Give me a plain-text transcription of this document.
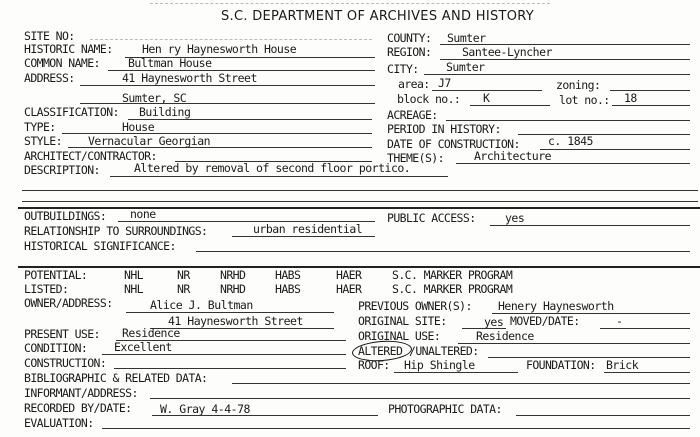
S.C. DEPARTMENT OF ARCHIVES AND HISTORY
SITE NO:
HISTORIC NAME:	Hen ry Haynesworth House
COMMON NAME: Bultman House
ADDRESS:	41 Haynesworth Street
Sumter, SC
CLASSIFICATION: Building
TYPE:	House
STYLE: Vernacular Georgian
ARCHITECT/CONTRACTOR:
DESCRIPTION:	Altered by removal of second floor portico.
COUNTY: Sumter
REGION:	Santee-Lyncher
CITY: Sumter
area: J7	zoning:
block no.: K	lot no.: 18
ACREAGE:
PERIOD IN HISTORY:
DATE OF CONSTRUCTION: c. 1845
THEME(S):	Architecture
OUTBUILDINGS: none	PUBLIC ACCESS:	yes
RELATIONSHIP TO SURROUNDINGS:	urban residential
HISTORICAL SIGNIFICANCE:
POTENTIAL:	NHL	NR	NRHD	HABS	HAER	S.C. MARKER PROGRAM
LISTED:	NHL	NR	NRHD	HABS	HAER	S.C. MARKER PROGRAM
OWNER/ADDRESS:	Alice J. Bultman
41 Haynesworth Street
PREVIOUS OWNER(S): Henery Haynesworth
ORIGINAL SITE:	yes MOVED/DATE:	-
PRESENT USE: Residence	ORIGINAL USE:	Residence
CONDITION: Excellent	ALTERED /UNALTERED:
CONSTRUCTION:	ROOF: Hip Shingle	FOUNDATION: Brick
BIBLIOGRAPHIC & RELATED DATA:
INFORMANT/ADDRESS:
RECORDED BY/DATE: W. Gray 4-4-78	PHOTOGRAPHIC DATA:
EVALUATION:
